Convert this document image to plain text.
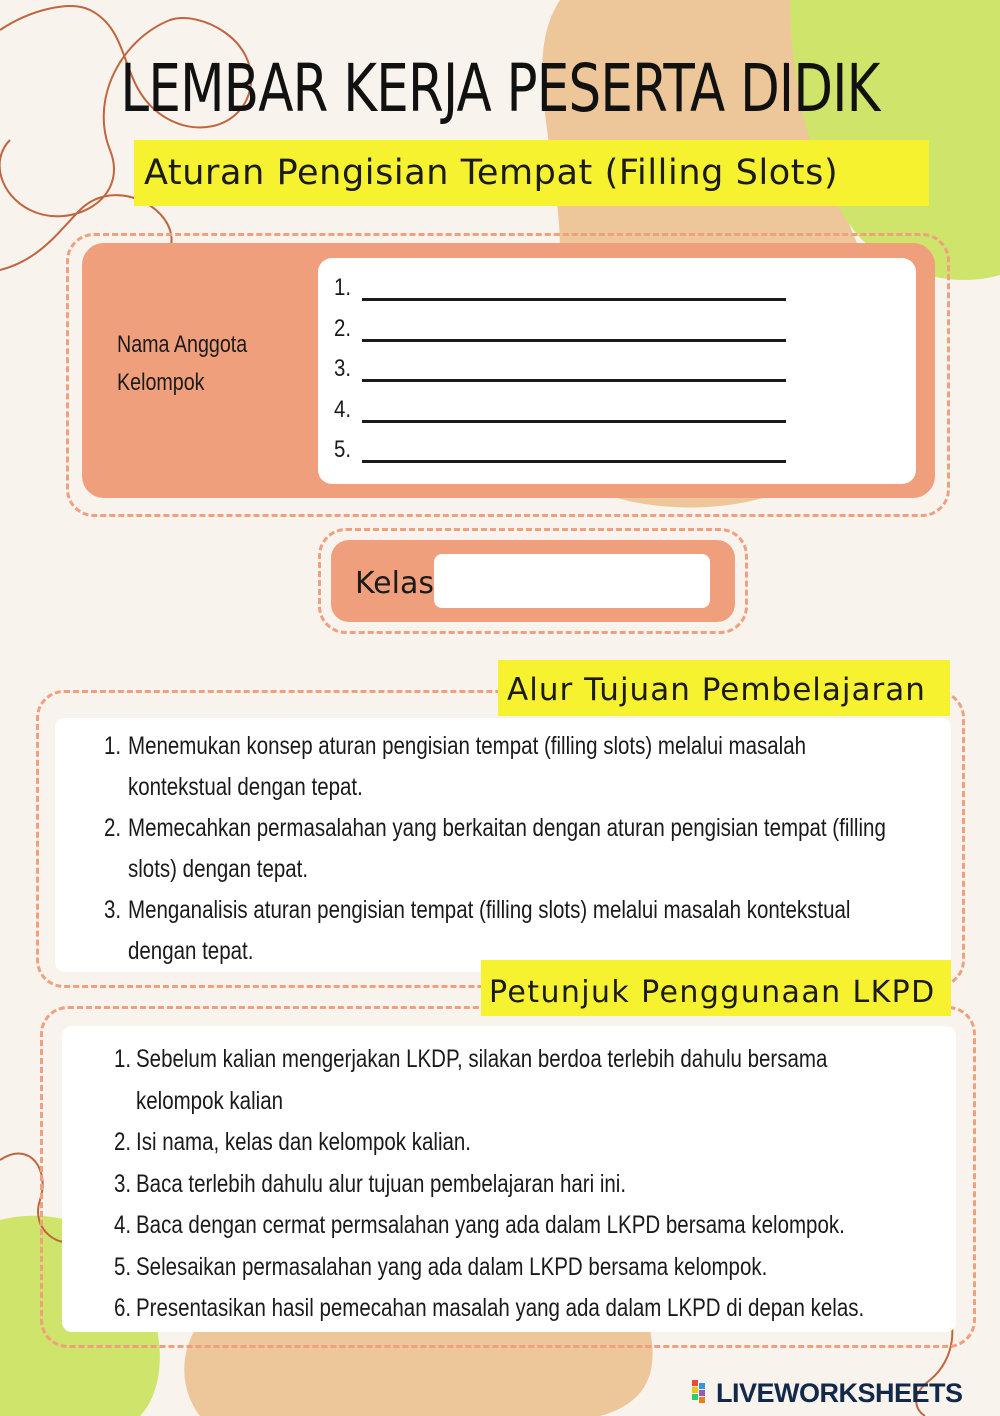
LEMBAR KERJA PESERTA DIDIK
Aturan Pengisian Tempat (Filling Slots)
Nama Anggota
Kelompok
1.
2.
3.
4.
5.
Kelas
Alur Tujuan Pembelajaran
1. Menemukan konsep aturan pengisian tempat (filling slots) melalui masalah
kontekstual dengan tepat.
2. Memecahkan permasalahan yang berkaitan dengan aturan pengisian tempat (filling
slots) dengan tepat.
3. Menganalisis aturan pengisian tempat (filling slots) melalui masalah kontekstual
dengan tepat.
Petunjuk Penggunaan LKPD
1. Sebelum kalian mengerjakan LKDP, silakan berdoa terlebih dahulu bersama
kelompok kalian
2. Isi nama, kelas dan kelompok kalian.
3. Baca terlebih dahulu alur tujuan pembelajaran hari ini.
4. Baca dengan cermat permsalahan yang ada dalam LKPD bersama kelompok.
5. Selesaikan permasalahan yang ada dalam LKPD bersama kelompok.
6. Presentasikan hasil pemecahan masalah yang ada dalam LKPD di depan kelas.
LIVEWORKSHEETS
